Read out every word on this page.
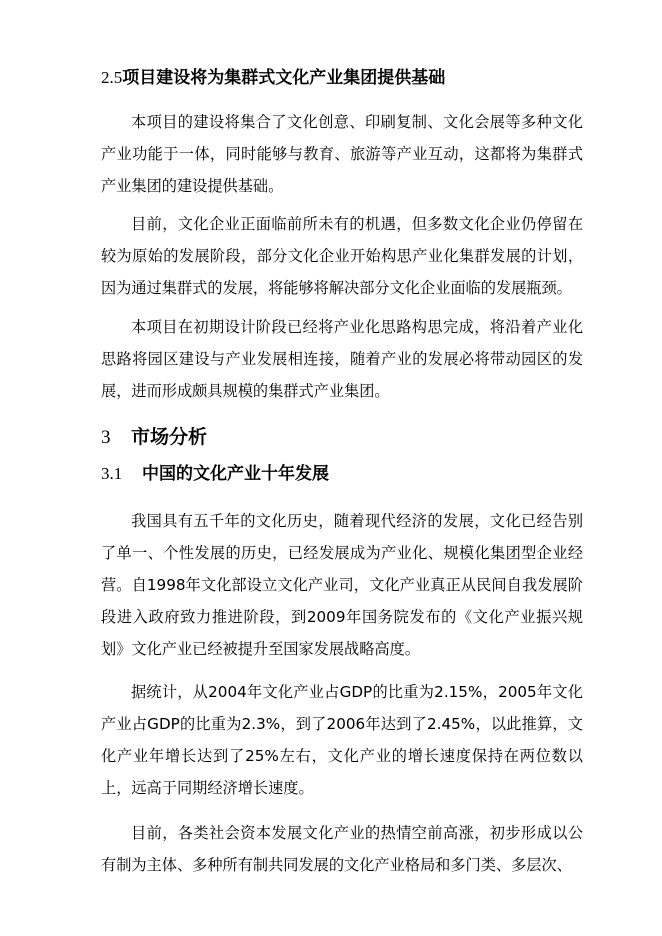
2.5项目建设将为集群式文化产业集团提供基础

本项目的建设将集合了文化创意、印刷复制、文化会展等多种文化产业功能于一体，同时能够与教育、旅游等产业互动，这都将为集群式产业集团的建设提供基础。

目前，文化企业正面临前所未有的机遇，但多数文化企业仍停留在较为原始的发展阶段，部分文化企业开始构思产业化集群发展的计划，因为通过集群式的发展，将能够将解决部分文化企业面临的发展瓶颈。

本项目在初期设计阶段已经将产业化思路构思完成，将沿着产业化思路将园区建设与产业发展相连接，随着产业的发展必将带动园区的发展，进而形成颇具规模的集群式产业集团。

3 市场分析
3.1 中国的文化产业十年发展

我国具有五千年的文化历史，随着现代经济的发展，文化已经告别了单一、个性发展的历史，已经发展成为产业化、规模化集团型企业经营。自1998年文化部设立文化产业司，文化产业真正从民间自我发展阶段进入政府致力推进阶段，到2009年国务院发布的《文化产业振兴规划》文化产业已经被提升至国家发展战略高度。

据统计，从2004年文化产业占GDP的比重为2.15%，2005年文化产业占GDP的比重为2.3%，到了2006年达到了2.45%，以此推算，文化产业年增长达到了25%左右，文化产业的增长速度保持在两位数以上，远高于同期经济增长速度。

目前，各类社会资本发展文化产业的热情空前高涨，初步形成以公有制为主体、多种所有制共同发展的文化产业格局和多门类、多层次、
